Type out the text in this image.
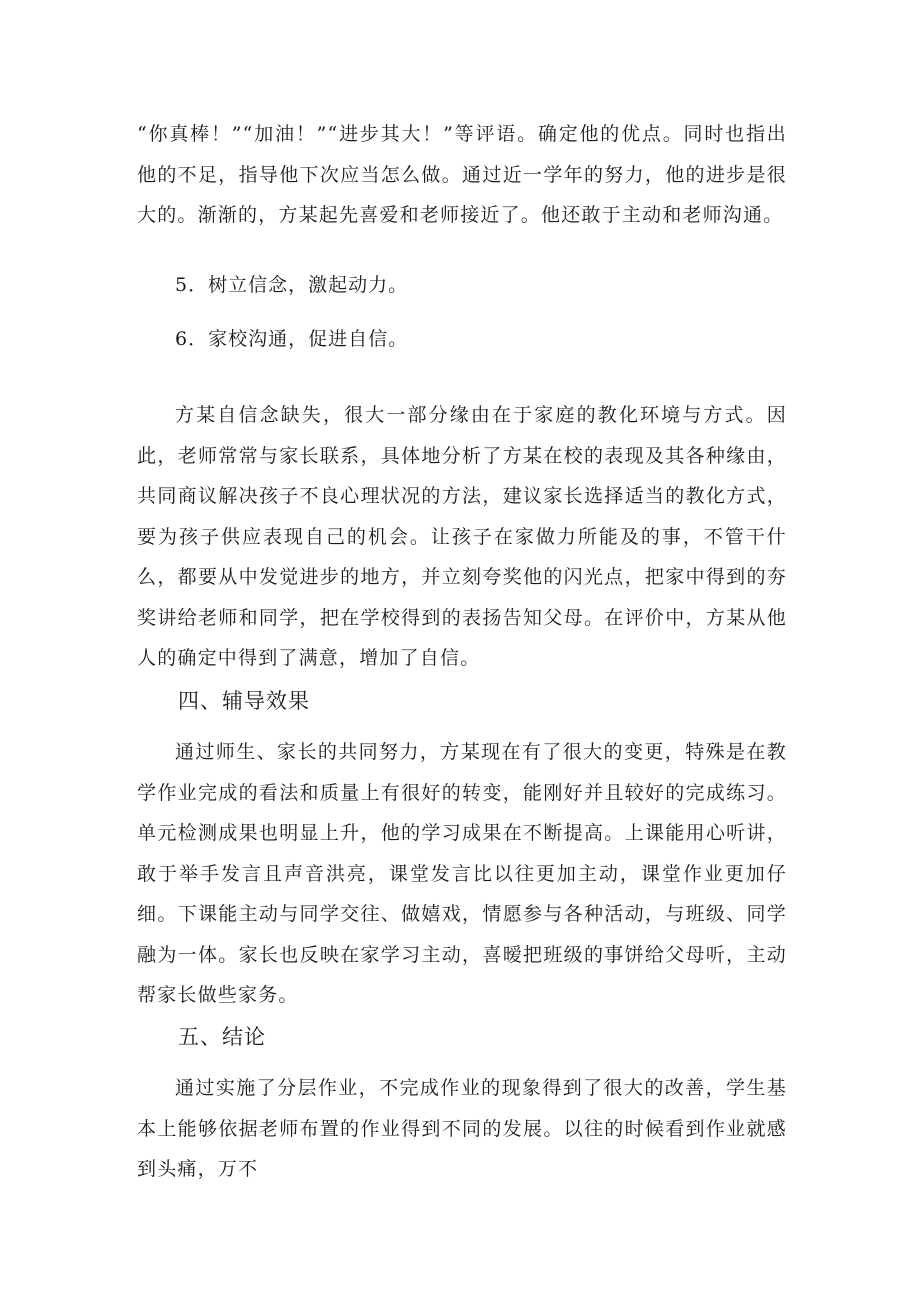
“你真棒！”“加油！”“进步其大！”等评语。确定他的优点。同时也指出他的不足，指导他下次应当怎么做。通过近一学年的努力，他的进步是很大的。渐渐的，方某起先喜爱和老师接近了。他还敢于主动和老师沟通。

5．树立信念，激起动力。

6．家校沟通，促进自信。

方某自信念缺失，很大一部分缘由在于家庭的教化环境与方式。因此，老师常常与家长联系，具体地分析了方某在校的表现及其各种缘由，共同商议解决孩子不良心理状况的方法，建议家长选择适当的教化方式，要为孩子供应表现自己的机会。让孩子在家做力所能及的事，不管干什么，都要从中发觉进步的地方，并立刻夸奖他的闪光点，把家中得到的夯奖讲给老师和同学，把在学校得到的表扬告知父母。在评价中，方某从他人的确定中得到了满意，增加了自信。

四、辅导效果

通过师生、家长的共同努力，方某现在有了很大的变更，特殊是在教学作业完成的看法和质量上有很好的转变，能刚好并且较好的完成练习。单元检测成果也明显上升，他的学习成果在不断提高。上课能用心听讲，敢于举手发言且声音洪亮，课堂发言比以往更加主动，课堂作业更加仔细。下课能主动与同学交往、做嬉戏，情愿参与各种活动，与班级、同学融为一体。家长也反映在家学习主动，喜暧把班级的事饼给父母听，主动帮家长做些家务。

五、结论

通过实施了分层作业，不完成作业的现象得到了很大的改善，学生基本上能够依据老师布置的作业得到不同的发展。以往的时候看到作业就感到头痛，万不
